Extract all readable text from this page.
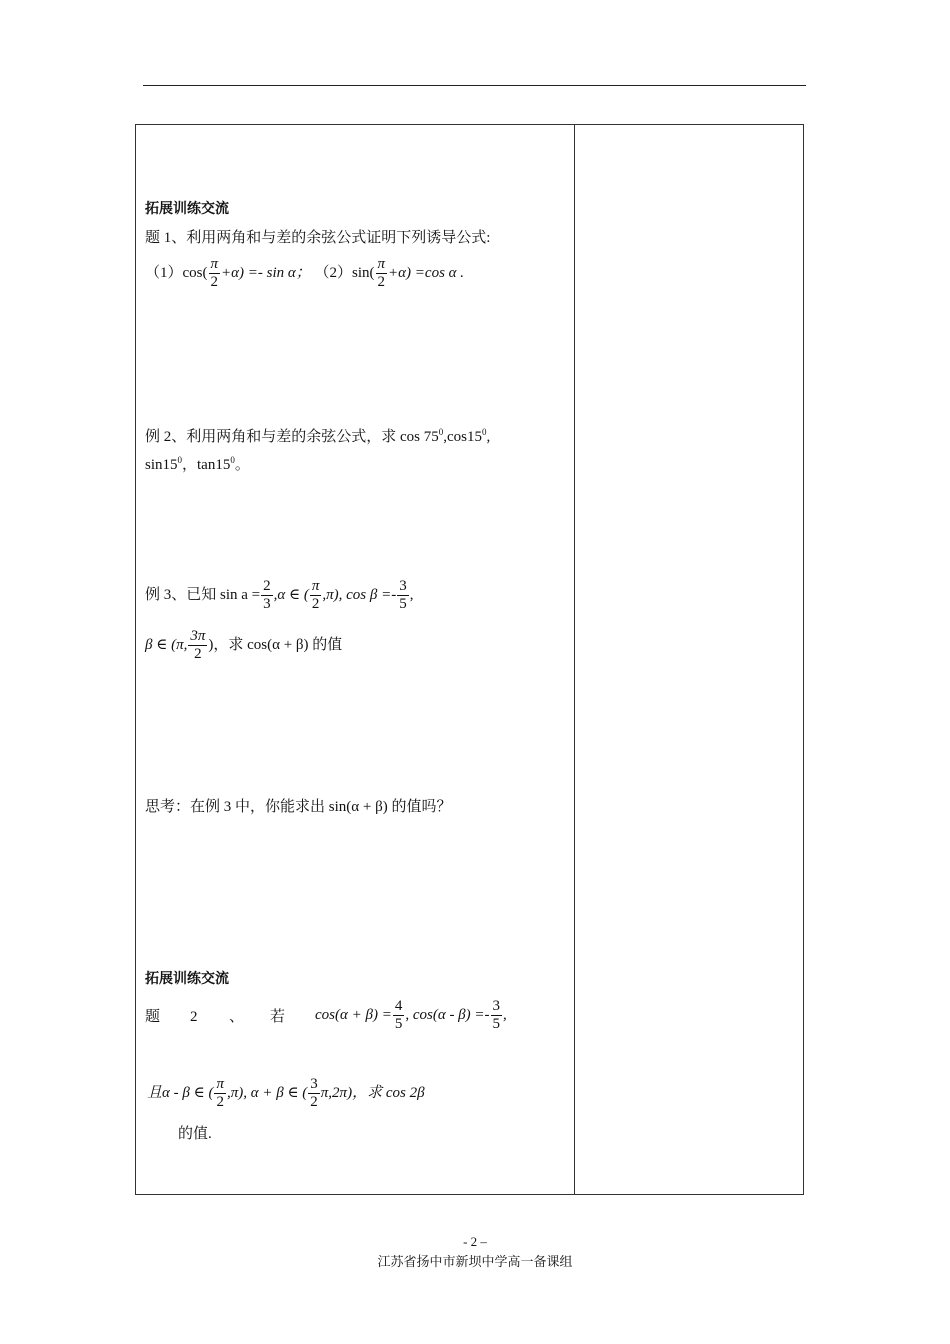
拓展训练交流
题 1、利用两角和与差的余弦公式证明下列诱导公式:
$(1)\cos( \frac{\pi}{2} +\alpha) =- \sin \alpha$； $(2)\sin( \frac{\pi}{2} +\alpha) =\cos$ α .
例 2、利用两角和与差的余弦公式，求 $\cos 75^0,\cos 15^0$,
$\sin 15^0$，$\tan 15^0$。
例 3、已知 $\sin a = \frac{2}{3} ,\alpha$ ∈ ( $\frac{\pi}{2} ,\pi$), $\cos \beta =- \frac{3}{5}$ ,
β ∈ (π, $\frac{3\pi}{2}$ )，求 cos(α + β) 的值
思考：在例 3 中，你能求出 sin(α + β) 的值吗？
拓展训练交流
题 2 、 若 $\cos(\alpha + \beta) = \frac{4}{5}$ , $\cos(\alpha - \beta) =- \frac{3}{5}$ ,
且α - β ∈ ( $\frac{\pi}{2} ,\pi$), α + β ∈ ( $\frac{3}{2} \pi,2\pi$)，求 cos 2β
的值.
- 2 –
江苏省扬中市新坝中学高一备课组
